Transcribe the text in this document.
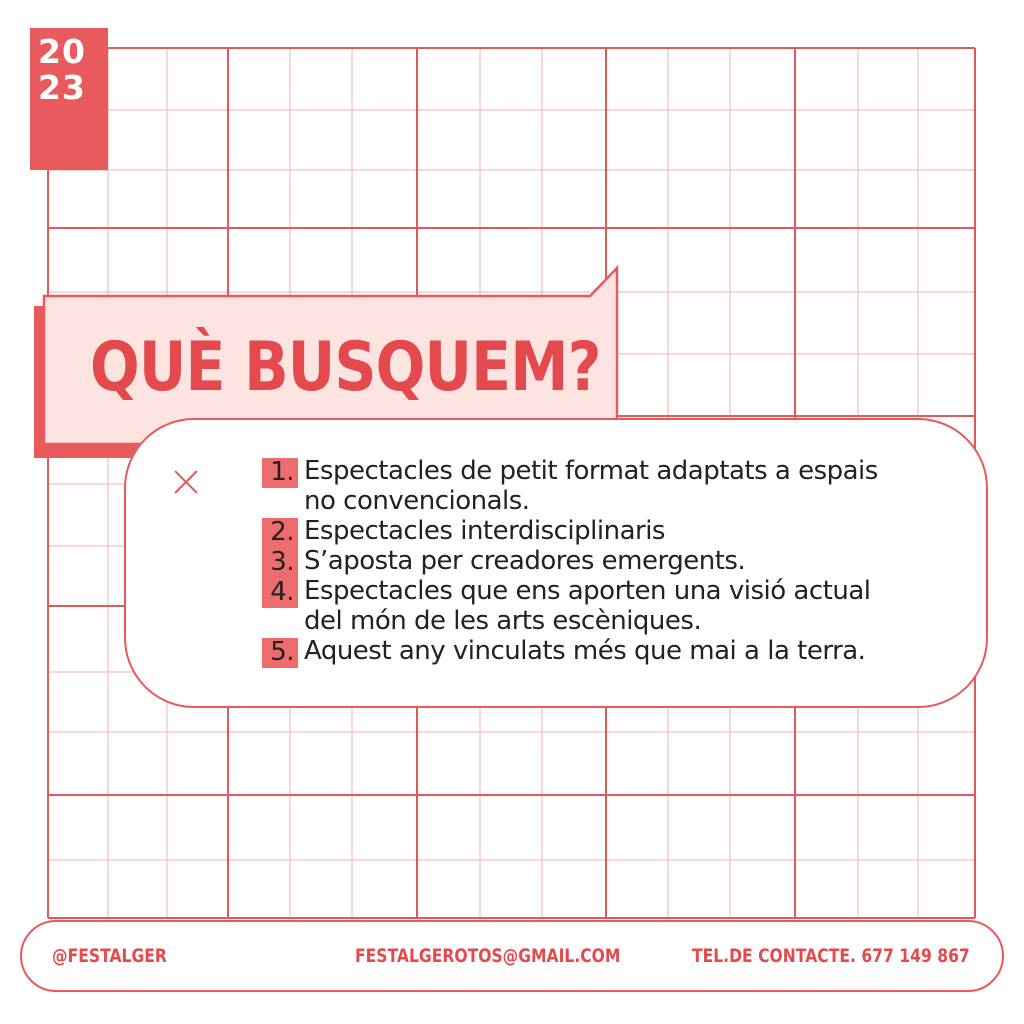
20
23
QUÈ BUSQUEM?
1. Espectacles de petit format adaptats a espais
no convencionals.
2. Espectacles interdisciplinaris
3. S’aposta per creadores emergents.
4. Espectacles que ens aporten una visió actual
del món de les arts escèniques.
5. Aquest any vinculats més que mai a la terra.
@FESTALGER	FESTALGEROTOS@GMAIL.COM	TEL.DE CONTACTE. 677 149 867
